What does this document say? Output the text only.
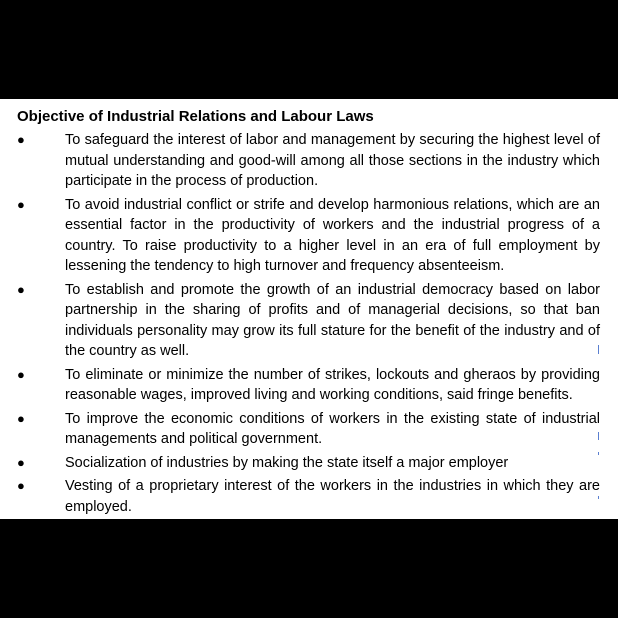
Objective of Industrial Relations and Labour Laws
●	To safeguard the interest of labor and management by securing the highest level of mutual understanding and good-will among all those sections in the industry which participate in the process of production.
●	To avoid industrial conflict or strife and develop harmonious relations, which are an essential factor in the productivity of workers and the industrial progress of a country. To raise productivity to a higher level in an era of full employment by lessening the tendency to high turnover and frequency absenteeism.
●	To establish and promote the growth of an industrial democracy based on labor partnership in the sharing of profits and of managerial decisions, so that ban individuals personality may grow its full stature for the benefit of the industry and of the country as well.
●	To eliminate or minimize the number of strikes, lockouts and gheraos by providing reasonable wages, improved living and working conditions, said fringe benefits.
●	To improve the economic conditions of workers in the existing state of industrial managements and political government.
●	Socialization of industries by making the state itself a major employer
●	Vesting of a proprietary interest of the workers in the industries in which they are employed.
